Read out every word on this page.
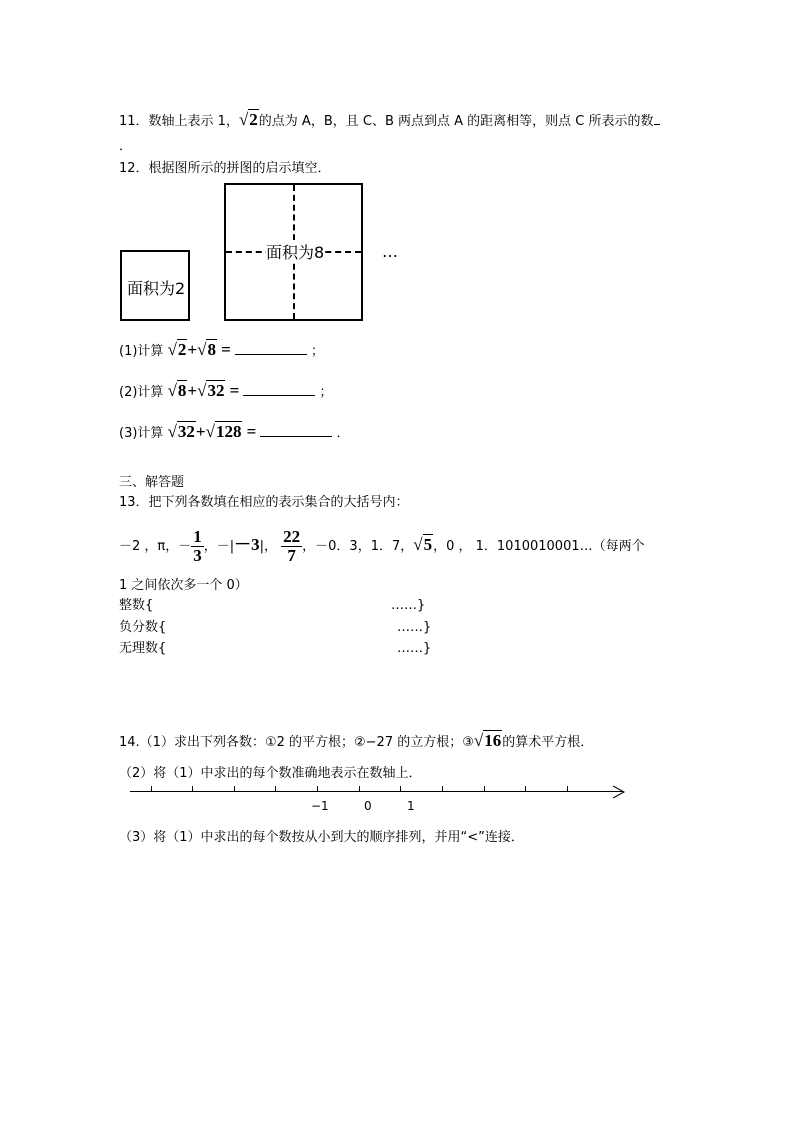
11．数轴上表示 1，√2的点为 A，B，且 C、B 两点到点 A 的距离相等，则点 C 所表示的数
．
12．根据图所示的拼图的启示填空．
面积为2
面积为8	…
(1)计算 √2+√8 =	；
(2)计算 √8+√32 =	；
(3)计算 √32+√128 =	．
三、解答题
13．把下列各数填在相应的表示集合的大括号内：
－2 ，π，－ $\frac{1}{3}$ ，－|－3|， $\frac{22}{7}$ ，－0．3，1．7，√5，0 ， 1．1010010001…（每两个
1 之间依次多一个 0）
整数{	……}
负分数{	……}
无理数{	……}
14.（1）求出下列各数：①2 的平方根；②−27 的立方根；③√16的算术平方根．
（2）将（1）中求出的每个数准确地表示在数轴上．
−1	0	1
（3）将（1）中求出的每个数按从小到大的顺序排列，并用“<”连接．
